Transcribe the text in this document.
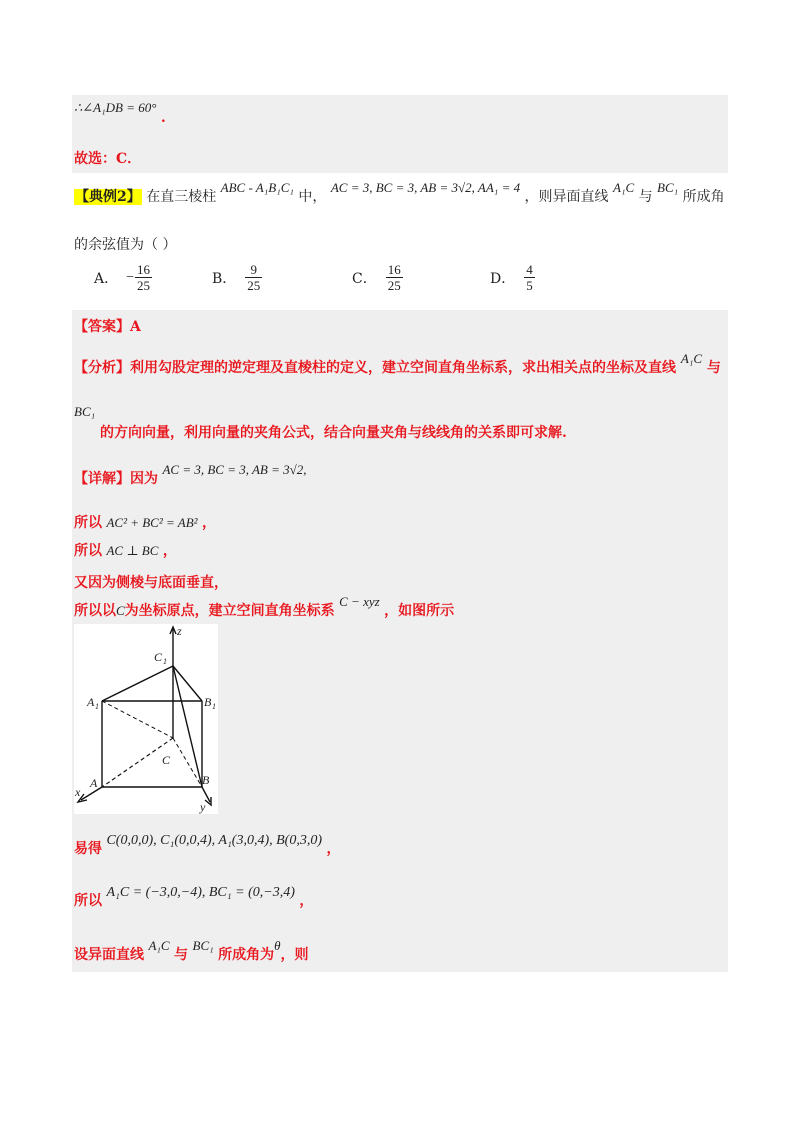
∴∠A₁DB = 60° .
故选：C．
【典例2】 在直三棱柱 ABC - A₁B₁C₁ 中， AC = 3, BC = 3, AB = 3√2, AA₁ = 4 ，则异面直线 A₁C 与 BC₁ 所成角
的余弦值为（ ）
A． − $\frac{16}{25}$	B． $\frac{9}{25}$	C． $\frac{16}{25}$	D． $\frac{4}{5}$
【答案】A
【分析】利用勾股定理的逆定理及直棱柱的定义，建立空间直角坐标系，求出相关点的坐标及直线 A₁C 与
BC₁
的方向向量，利用向量的夹角公式，结合向量夹角与线线角的关系即可求解.
【详解】因为 AC = 3, BC = 3, AB = 3√2,
所以 AC² + BC² = AB² ，
所以 AC ⊥ BC ，
又因为侧棱与底面垂直，
所以以C为坐标原点，建立空间直角坐标系 C − xyz ，如图所示
z
C 1
A 1	B 1
C
A	B
x
y
易得 C(0,0,0), C₁(0,0,4), A₁(3,0,4), B(0,3,0) ，
所以 A₁C = (−3,0,−4), BC₁ = (0,−3,4) ，
设异面直线 A₁C 与 BC₁ 所成角为θ，则
